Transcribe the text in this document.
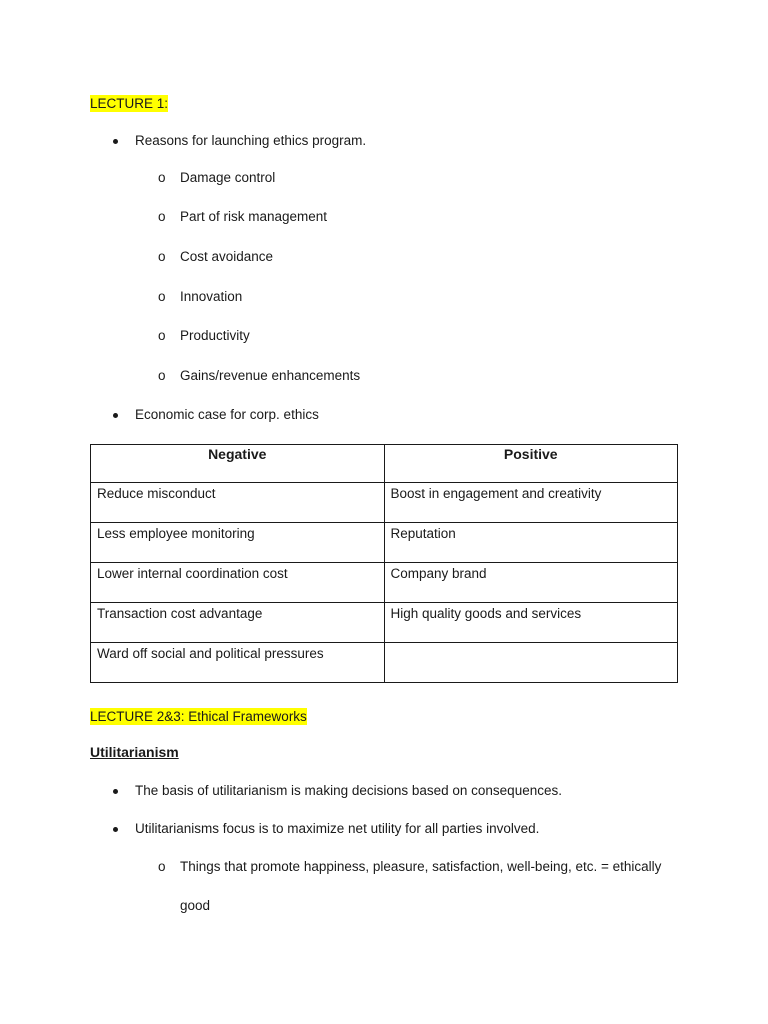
LECTURE 1:
Reasons for launching ethics program.
o Damage control
o Part of risk management
o Cost avoidance
o Innovation
o Productivity
o Gains/revenue enhancements
Economic case for corp. ethics
Negative	Positive
Reduce misconduct	Boost in engagement and creativity
Less employee monitoring	Reputation
Lower internal coordination cost	Company brand
Transaction cost advantage	High quality goods and services
Ward off social and political pressures	
LECTURE 2&3: Ethical Frameworks
Utilitarianism
The basis of utilitarianism is making decisions based on consequences.
Utilitarianisms focus is to maximize net utility for all parties involved.
o Things that promote happiness, pleasure, satisfaction, well-being, etc. = ethically
good
